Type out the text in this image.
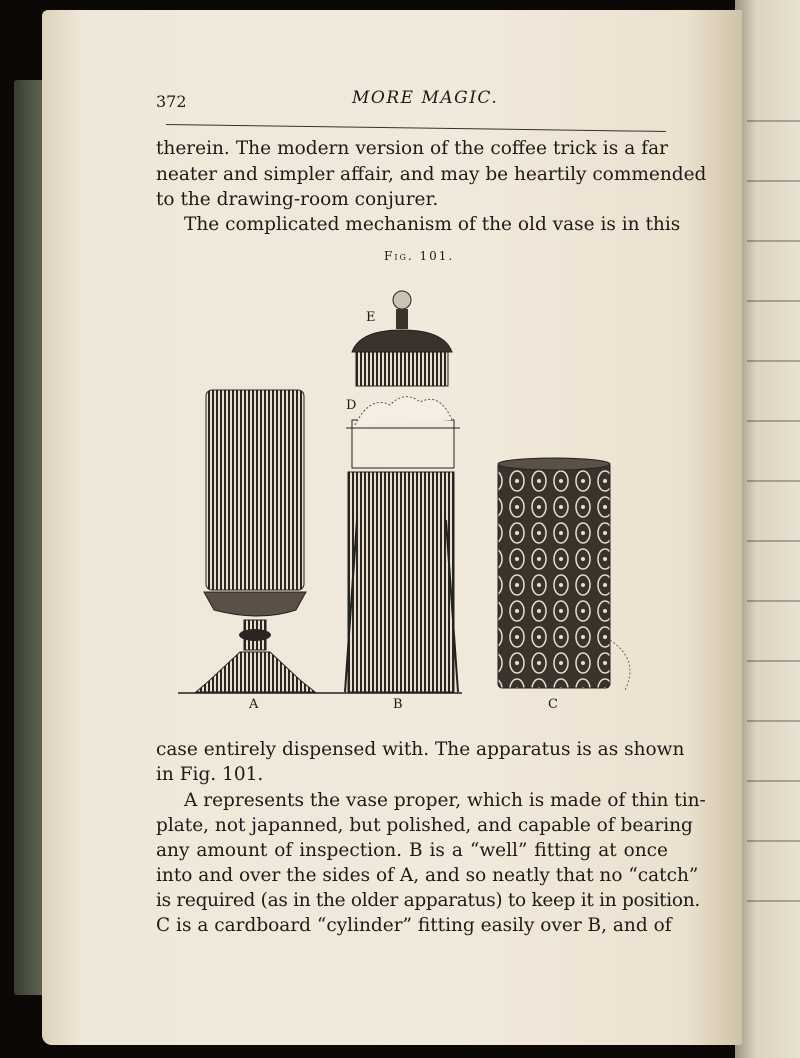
372	MORE MAGIC.
therein. The modern version of the coffee trick is a far
neater and simpler affair, and may be heartily commended
to the drawing-room conjurer.
The complicated mechanism of the old vase is in this
Fig. 101.
E
D
A	B	C
case entirely dispensed with. The apparatus is as shown
in Fig. 101.
A represents the vase proper, which is made of thin tin-
plate, not japanned, but polished, and capable of bearing
any amount of inspection. B is a “well” fitting at once
into and over the sides of A, and so neatly that no “catch”
is required (as in the older apparatus) to keep it in position.
C is a cardboard “cylinder” fitting easily over B, and of
